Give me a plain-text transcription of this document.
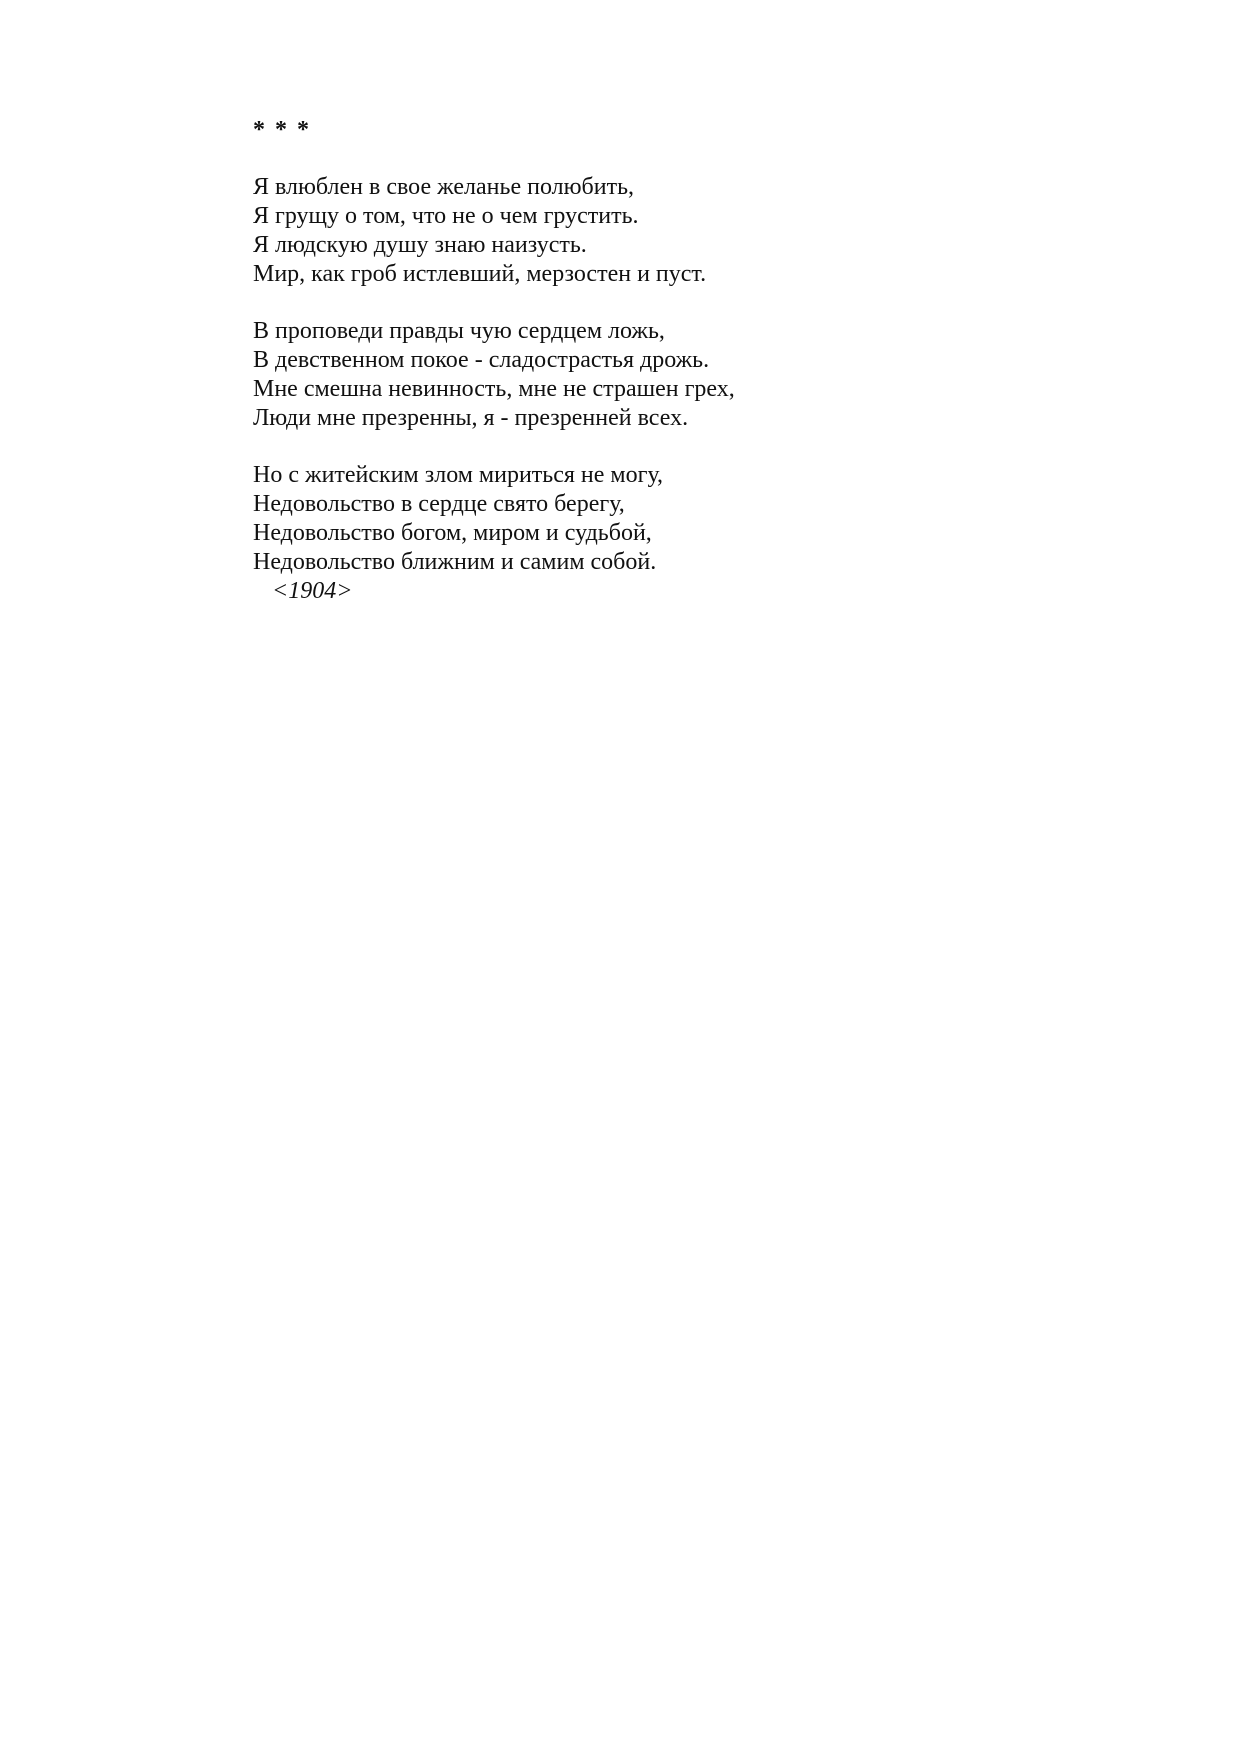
* * *
Я влюблен в свое желанье полюбить,
Я грущу о том, что не о чем грустить.
Я людскую душу знаю наизусть.
Мир, как гроб истлевший, мерзостен и пуст.
В проповеди правды чую сердцем ложь,
В девственном покое - сладострастья дрожь.
Мне смешна невинность, мне не страшен грех,
Люди мне презренны, я - презренней всех.
Но с житейским злом мириться не могу,
Недовольство в сердце свято берегу,
Недовольство богом, миром и судьбой,
Недовольство ближним и самим собой.
<1904>
